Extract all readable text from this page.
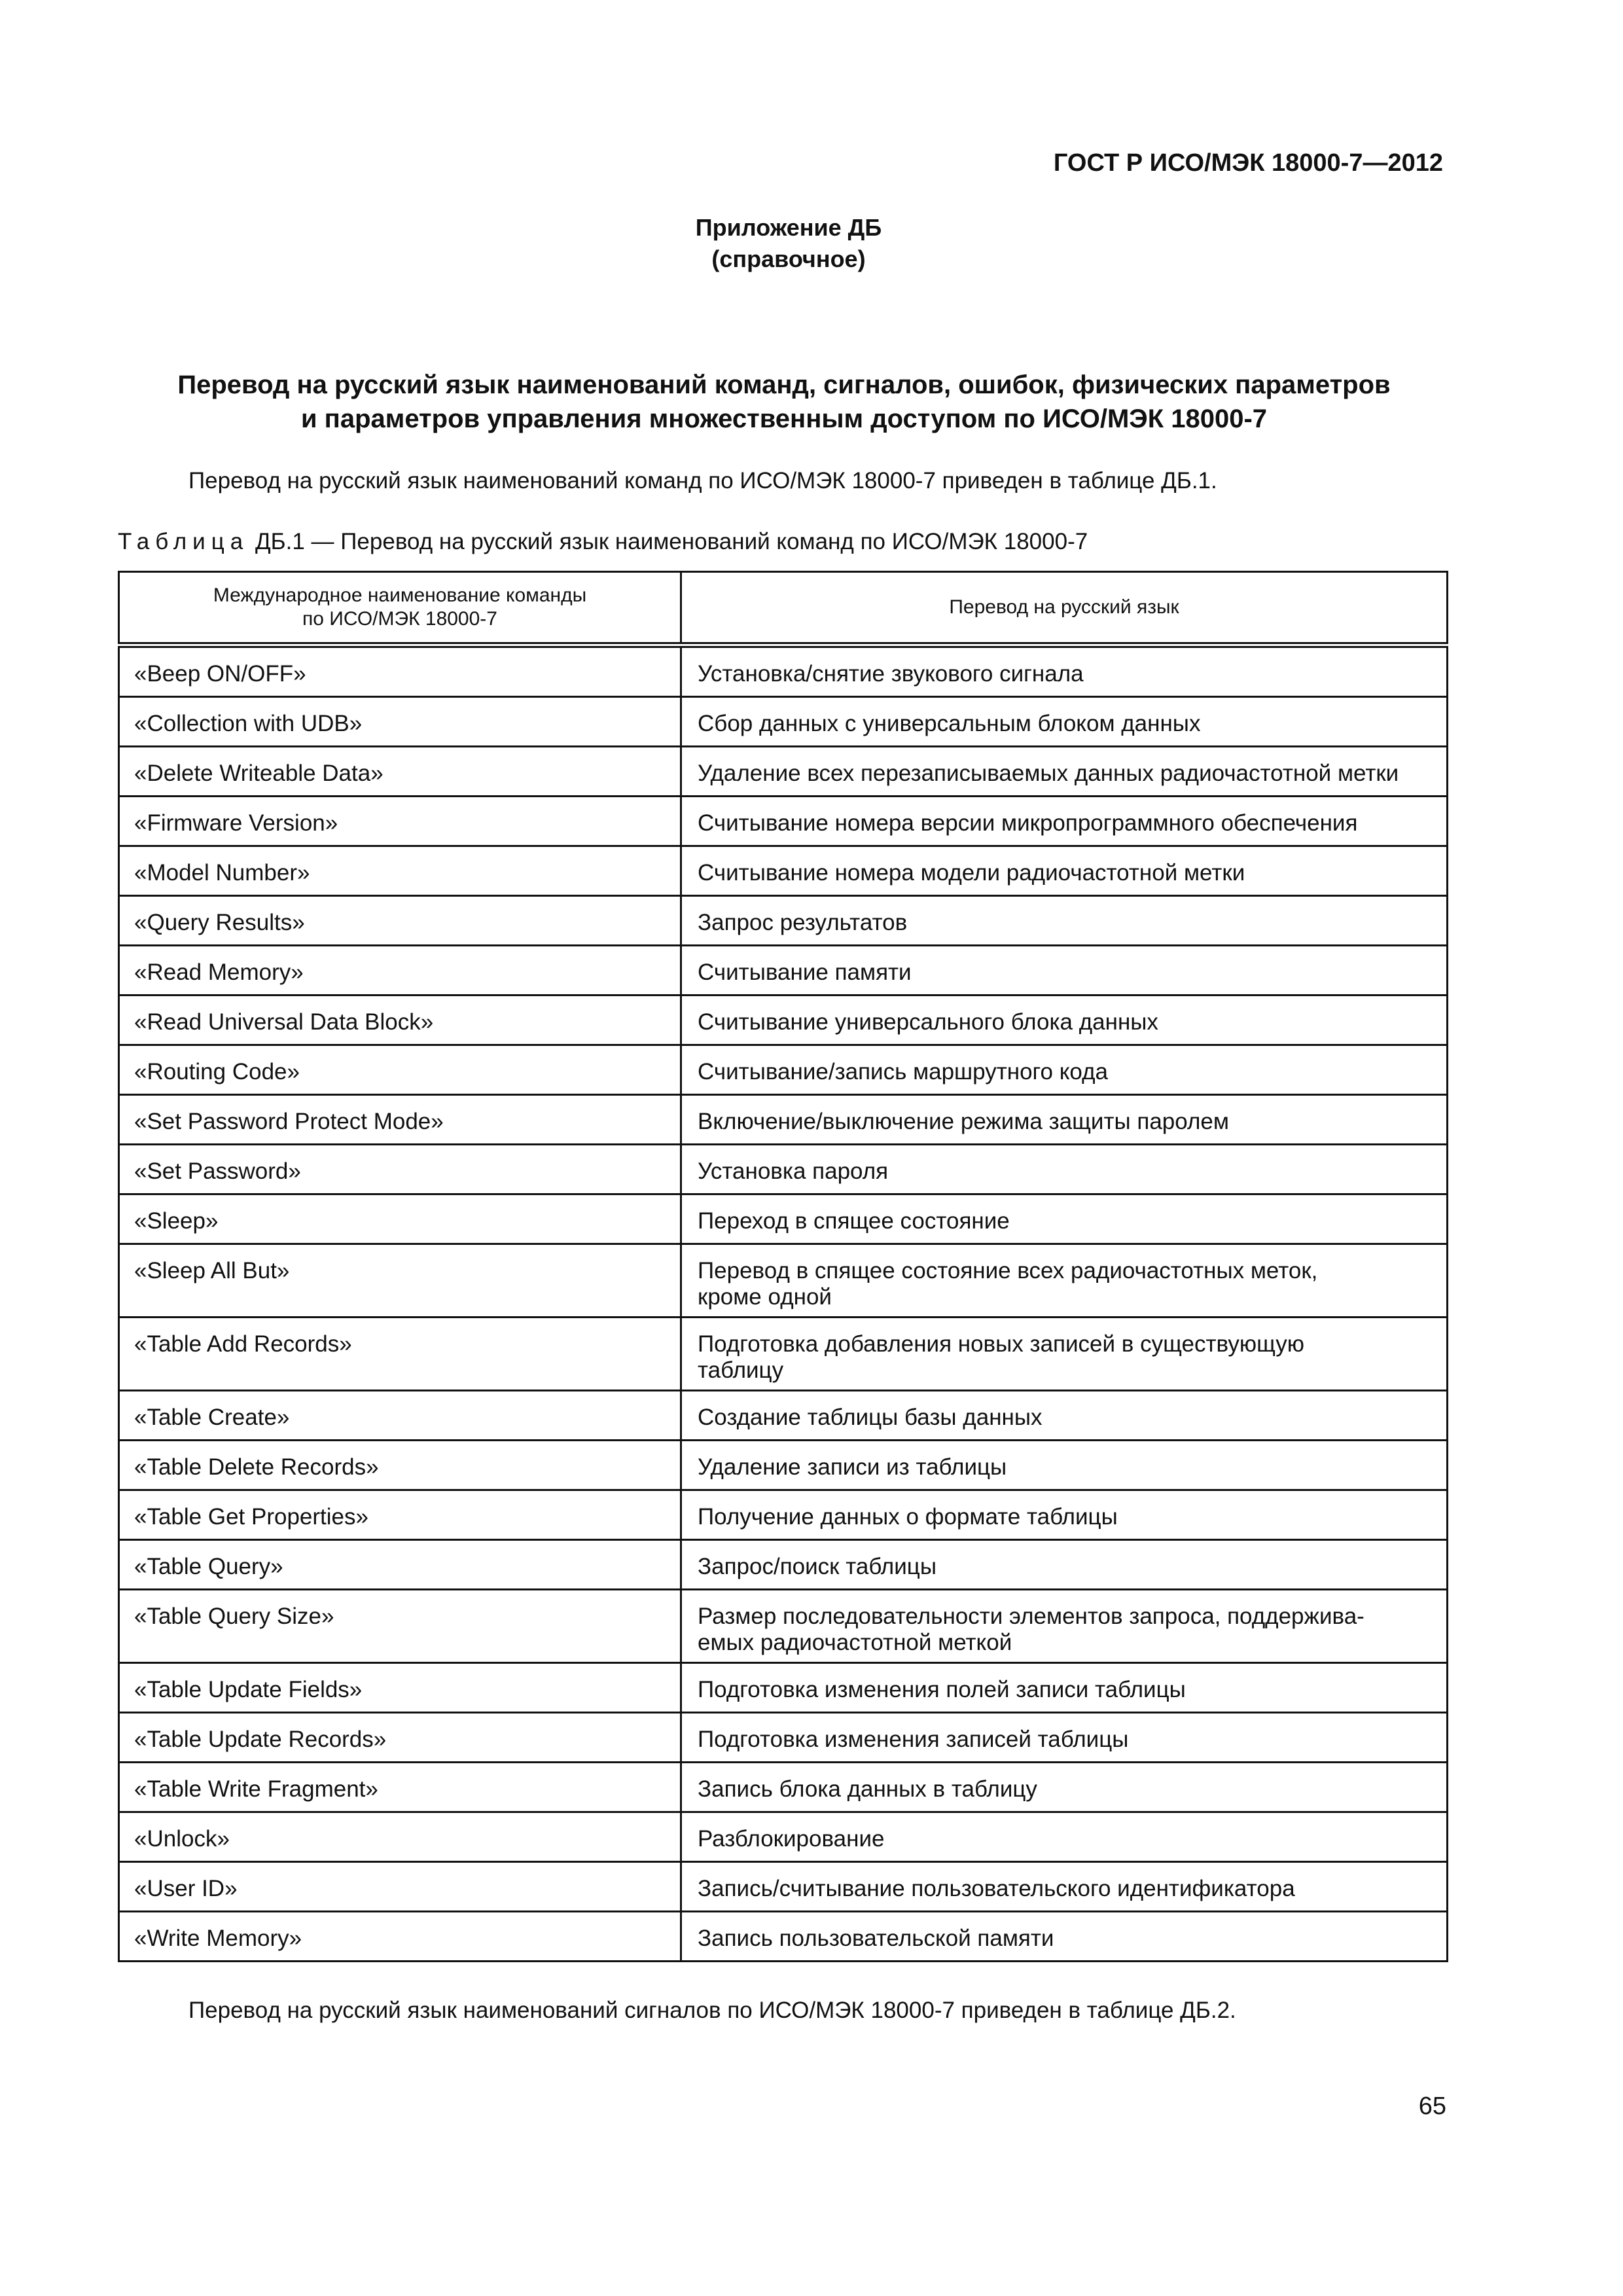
ГОСТ Р ИСО/МЭК 18000-7—2012
Приложение ДБ
(справочное)
Перевод на русский язык наименований команд, сигналов, ошибок, физических параметров
и параметров управления множественным доступом по ИСО/МЭК 18000-7
Перевод на русский язык наименований команд по ИСО/МЭК 18000-7 приведен в таблице ДБ.1.
Таблица ДБ.1 — Перевод на русский язык наименований команд по ИСО/МЭК 18000-7
Международное наименование команды
по ИСО/МЭК 18000-7	Перевод на русский язык
«Beep ON/OFF»	Установка/снятие звукового сигнала

«Collection with UDB»	Сбор данных с универсальным блоком данных

«Delete Writeable Data»	Удаление всех перезаписываемых данных радиочастотной метки

«Firmware Version»	Считывание номера версии микропрограммного обеспечения

«Model Number»	Считывание номера модели радиочастотной метки

«Query Results»	Запрос результатов

«Read Memory»	Считывание памяти

«Read Universal Data Block»	Считывание универсального блока данных

«Routing Code»	Считывание/запись маршрутного кода

«Set Password Protect Mode»	Включение/выключение режима защиты паролем

«Set Password»	Установка пароля

«Sleep»	Переход в спящее состояние

«Sleep All But»	Перевод в спящее состояние всех радиочастотных меток,
кроме одной

«Table Add Records»	Подготовка добавления новых записей в существующую
таблицу

«Table Create»	Создание таблицы базы данных

«Table Delete Records»	Удаление записи из таблицы

«Table Get Properties»	Получение данных о формате таблицы

«Table Query»	Запрос/поиск таблицы

«Table Query Size»	Размер последовательности элементов запроса, поддержива-
емых радиочастотной меткой

«Table Update Fields»	Подготовка изменения полей записи таблицы

«Table Update Records»	Подготовка изменения записей таблицы

«Table Write Fragment»	Запись блока данных в таблицу

«Unlock»	Разблокирование

«User ID»	Запись/считывание пользовательского идентификатора

«Write Memory»	Запись пользовательской памяти
Перевод на русский язык наименований сигналов по ИСО/МЭК 18000-7 приведен в таблице ДБ.2.
65
